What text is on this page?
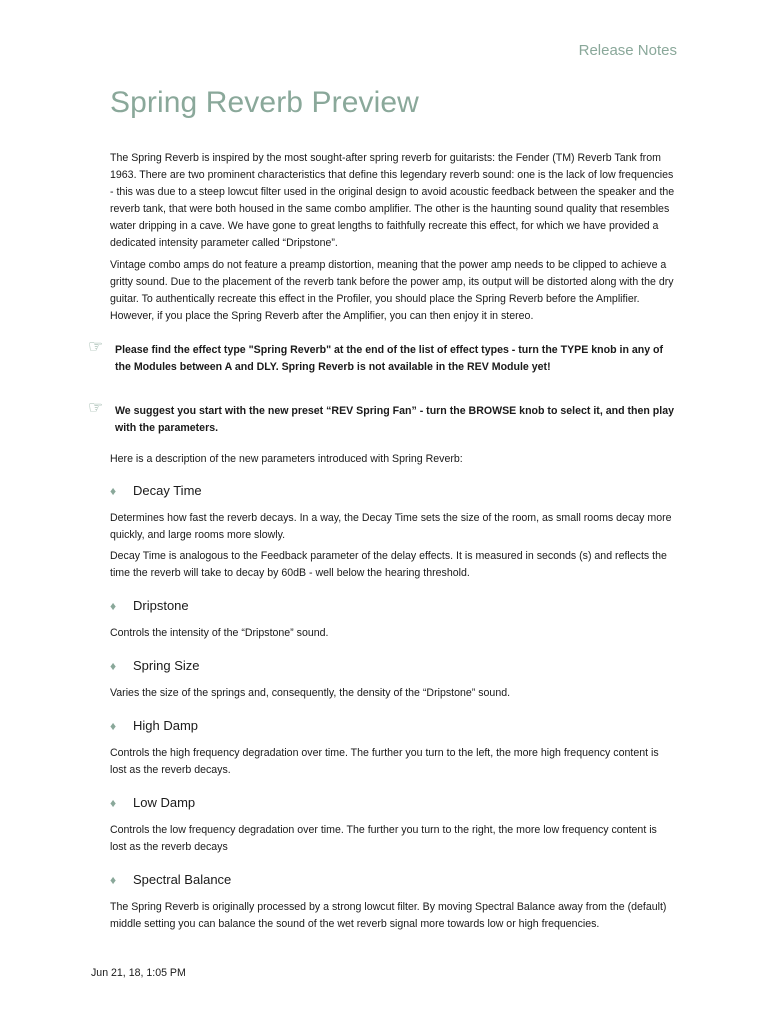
Release Notes
Spring Reverb Preview

The Spring Reverb is inspired by the most sought-after spring reverb for guitarists: the Fender (TM) Reverb Tank from 1963. There are two prominent characteristics that define this legendary reverb sound: one is the lack of low frequencies - this was due to a steep lowcut filter used in the original design to avoid acoustic feedback between the speaker and the reverb tank, that were both housed in the same combo amplifier. The other is the haunting sound quality that resembles water dripping in a cave. We have gone to great lengths to faithfully recreate this effect, for which we have provided a dedicated intensity parameter called “Dripstone”.

Vintage combo amps do not feature a preamp distortion, meaning that the power amp needs to be clipped to achieve a gritty sound. Due to the placement of the reverb tank before the power amp, its output will be distorted along with the dry guitar. To authentically recreate this effect in the Profiler, you should place the Spring Reverb before the Amplifier. However, if you place the Spring Reverb after the Amplifier, you can then enjoy it in stereo.

☞	Please find the effect type "Spring Reverb" at the end of the list of effect types - turn the TYPE knob in any of the Modules between A and DLY. Spring Reverb is not available in the REV Module yet!

☞	We suggest you start with the new preset “REV Spring Fan” - turn the BROWSE knob to select it, and then play with the parameters.

Here is a description of the new parameters introduced with Spring Reverb:

♦	Decay Time

Determines how fast the reverb decays. In a way, the Decay Time sets the size of the room, as small rooms decay more quickly, and large rooms more slowly.

Decay Time is analogous to the Feedback parameter of the delay effects. It is measured in seconds (s) and reflects the time the reverb will take to decay by 60dB - well below the hearing threshold.

♦	Dripstone

Controls the intensity of the “Dripstone” sound.

♦	Spring Size

Varies the size of the springs and, consequently, the density of the “Dripstone” sound.

♦	High Damp

Controls the high frequency degradation over time. The further you turn to the left, the more high frequency content is lost as the reverb decays.

♦	Low Damp

Controls the low frequency degradation over time. The further you turn to the right, the more low frequency content is lost as the reverb decays

♦	Spectral Balance

The Spring Reverb is originally processed by a strong lowcut filter. By moving Spectral Balance away from the (default) middle setting you can balance the sound of the wet reverb signal more towards low or high frequencies.

Jun 21, 18, 1:05 PM
